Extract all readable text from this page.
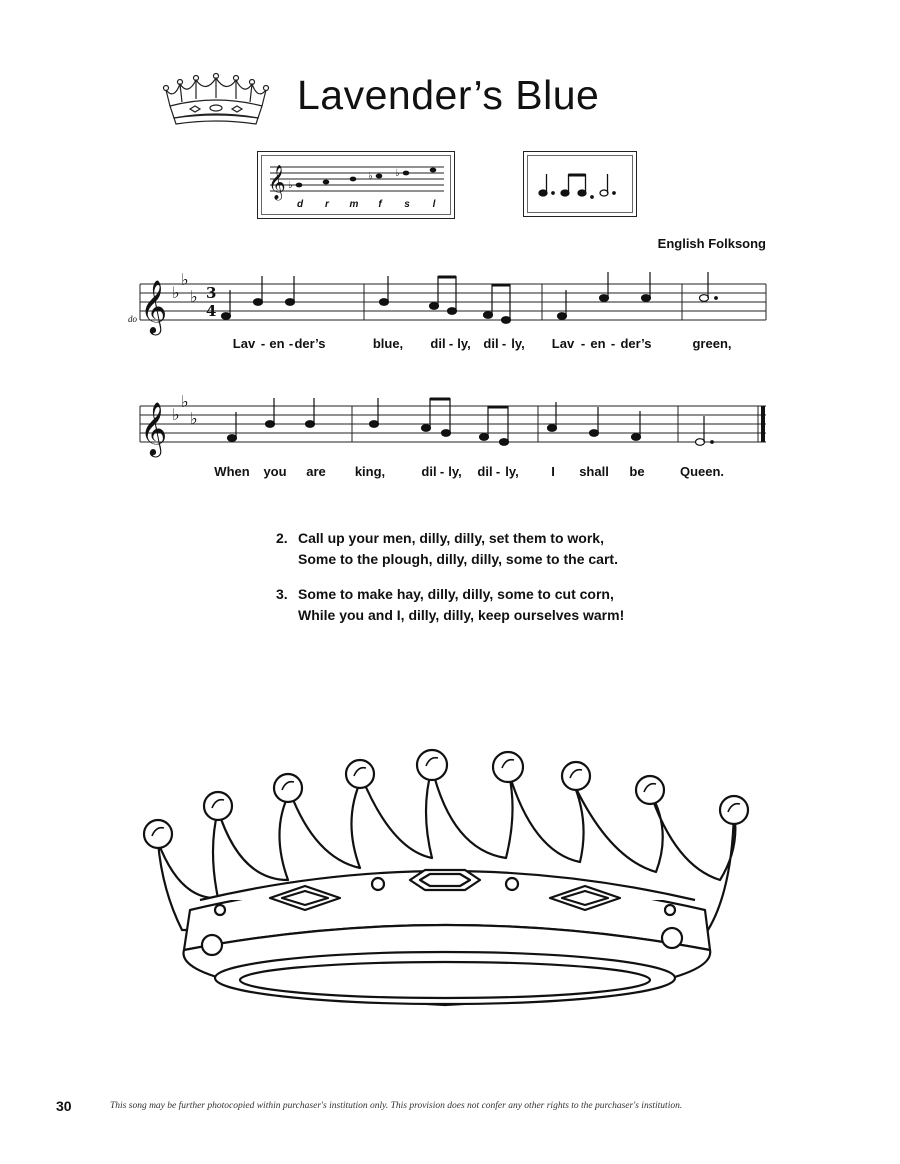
Lavender’s Blue
𝄞 ♭
♭ ♭
d r m f s l
English Folksong
𝄞
do
♭
♭
♭ 3
4
Lav - en - der’s	blue, dil - ly, dil - ly, Lav - en - der’s	green,
𝄞 ♭
♭
♭
When you are king,	dil - ly, dil - ly, I shall be	Queen.
2. Call up your men, dilly, dilly, set them to work,
Some to the plough, dilly, dilly, some to the cart.
3. Some to make hay, dilly, dilly, some to cut corn,
While you and I, dilly, dilly, keep ourselves warm!
30	This song may be further photocopied within purchaser's institution only. This provision does not confer any other rights to the purchaser's institution.
